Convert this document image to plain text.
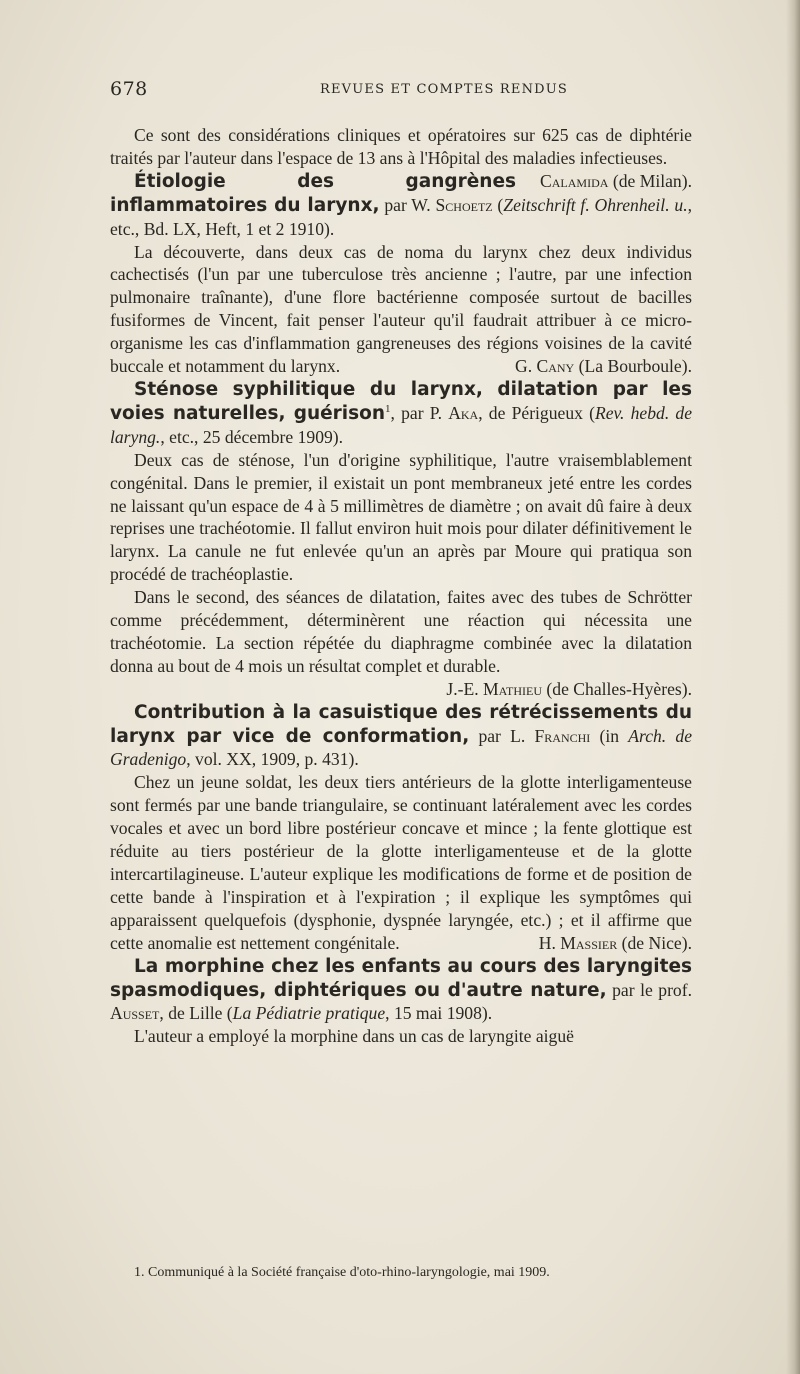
678	REVUES ET COMPTES RENDUS

Ce sont des considérations cliniques et opératoires sur 625 cas de diphtérie traités par l'auteur dans l'espace de 13 ans à l'Hôpital des maladies infectieuses.
Calamida (de Milan).

Étiologie des gangrènes inflammatoires du larynx, par W. Schoetz (Zeitschrift f. Ohrenheil. u., etc., Bd. LX, Heft, 1 et 2 1910).

La découverte, dans deux cas de noma du larynx chez deux individus cachectisés (l'un par une tuberculose très ancienne ; l'autre, par une infection pulmonaire traînante), d'une flore bactérienne composée surtout de bacilles fusiformes de Vincent, fait penser l'auteur qu'il faudrait attribuer à ce micro-organisme les cas d'inflammation gangreneuses des régions voisines de la cavité buccale et notamment du larynx.	G. Cany (La Bourboule).

Sténose syphilitique du larynx, dilatation par les voies naturelles, guérison$^1$, par P. Aka, de Périgueux (Rev. hebd. de laryng., etc., 25 décembre 1909).

Deux cas de sténose, l'un d'origine syphilitique, l'autre vraisemblablement congénital. Dans le premier, il existait un pont membraneux jeté entre les cordes ne laissant qu'un espace de 4 à 5 millimètres de diamètre ; on avait dû faire à deux reprises une trachéotomie. Il fallut environ huit mois pour dilater définitivement le larynx. La canule ne fut enlevée qu'un an après par Moure qui pratiqua son procédé de trachéoplastie.

Dans le second, des séances de dilatation, faites avec des tubes de Schrötter comme précédemment, déterminèrent une réaction qui nécessita une trachéotomie. La section répétée du diaphragme combinée avec la dilatation donna au bout de 4 mois un résultat complet et durable.
J.-E. Mathieu (de Challes-Hyères).

Contribution à la casuistique des rétrécissements du larynx par vice de conformation, par L. Franchi (in Arch. de Gradenigo, vol. XX, 1909, p. 431).

Chez un jeune soldat, les deux tiers antérieurs de la glotte interligamenteuse sont fermés par une bande triangulaire, se continuant latéralement avec les cordes vocales et avec un bord libre postérieur concave et mince ; la fente glottique est réduite au tiers postérieur de la glotte interligamenteuse et de la glotte intercartilagineuse. L'auteur explique les modifications de forme et de position de cette bande à l'inspiration et à l'expiration ; il explique les symptômes qui apparaissent quelquefois (dysphonie, dyspnée laryngée, etc.) ; et il affirme que cette anomalie est nettement congénitale.	H. Massier (de Nice).

La morphine chez les enfants au cours des laryngites spasmodiques, diphtériques ou d'autre nature, par le prof. Ausset, de Lille (La Pédiatrie pratique, 15 mai 1908).

L'auteur a employé la morphine dans un cas de laryngite aiguë

1. Communiqué à la Société française d'oto-rhino-laryngologie, mai 1909.
